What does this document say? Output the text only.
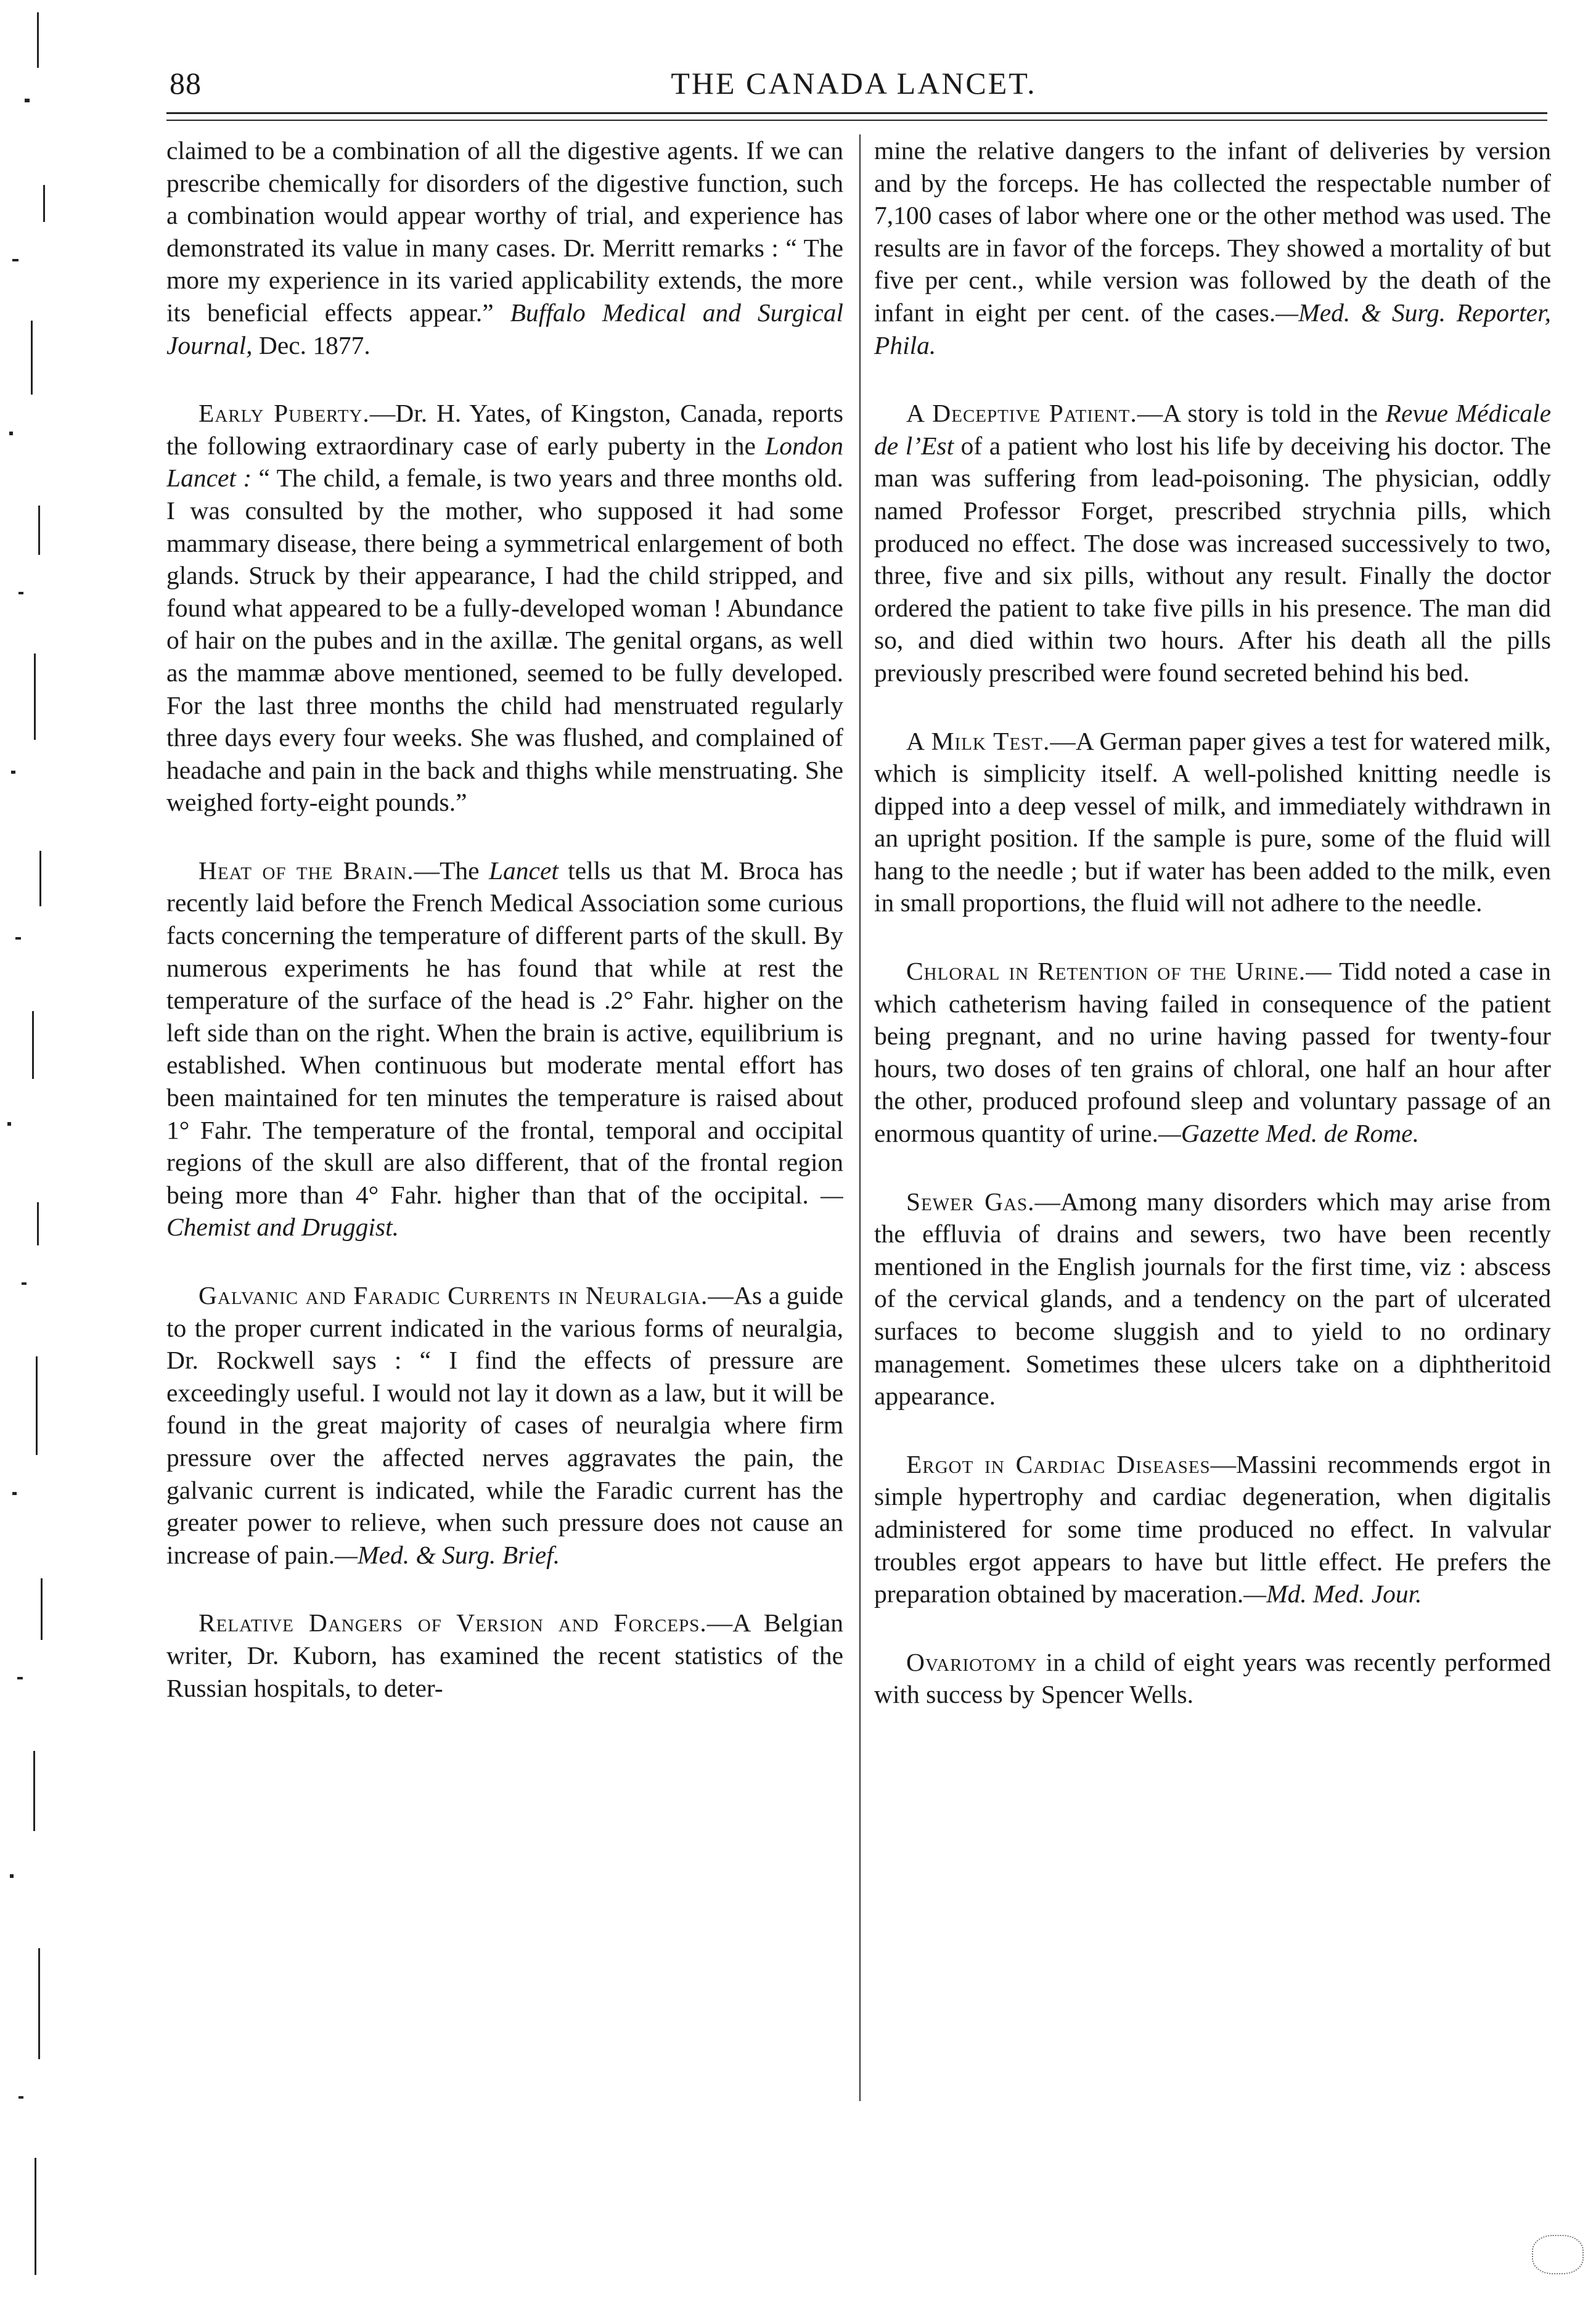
88	THE CANADA LANCET.

claimed to be a combination of all the digestive agents. If we can prescribe chemically for disorders of the digestive function, such a combination would appear worthy of trial, and experience has demonstrated its value in many cases. Dr. Merritt remarks : “ The more my experience in its varied applicability extends, the more its beneficial effects appear.” Buffalo Medical and Surgical Journal, Dec. 1877.

Early Puberty.—Dr. H. Yates, of Kingston, Canada, reports the following extraordinary case of early puberty in the London Lancet : “ The child, a female, is two years and three months old. I was consulted by the mother, who supposed it had some mammary disease, there being a symmetrical enlargement of both glands. Struck by their appearance, I had the child stripped, and found what appeared to be a fully-developed woman ! Abundance of hair on the pubes and in the axillæ. The genital organs, as well as the mammæ above mentioned, seemed to be fully developed. For the last three months the child had menstruated regularly three days every four weeks. She was flushed, and complained of headache and pain in the back and thighs while menstruating. She weighed forty-eight pounds.”

Heat of the Brain.—The Lancet tells us that M. Broca has recently laid before the French Medical Association some curious facts concerning the temperature of different parts of the skull. By numerous experiments he has found that while at rest the temperature of the surface of the head is .2° Fahr. higher on the left side than on the right. When the brain is active, equilibrium is established. When continuous but moderate mental effort has been maintained for ten minutes the temperature is raised about 1° Fahr. The temperature of the frontal, temporal and occipital regions of the skull are also different, that of the frontal region being more than 4° Fahr. higher than that of the occipital. —Chemist and Druggist.

Galvanic and Faradic Currents in Neuralgia.—As a guide to the proper current indicated in the various forms of neuralgia, Dr. Rockwell says : “ I find the effects of pressure are exceedingly useful. I would not lay it down as a law, but it will be found in the great majority of cases of neuralgia where firm pressure over the affected nerves aggravates the pain, the galvanic current is indicated, while the Faradic current has the greater power to relieve, when such pressure does not cause an increase of pain.—Med. & Surg. Brief.

Relative Dangers of Version and Forceps.—A Belgian writer, Dr. Kuborn, has examined the recent statistics of the Russian hospitals, to deter-

mine the relative dangers to the infant of deliveries by version and by the forceps. He has collected the respectable number of 7,100 cases of labor where one or the other method was used. The results are in favor of the forceps. They showed a mortality of but five per cent., while version was followed by the death of the infant in eight per cent. of the cases.—Med. & Surg. Reporter, Phila.

A Deceptive Patient.—A story is told in the Revue Médicale de l’Est of a patient who lost his life by deceiving his doctor. The man was suffering from lead-poisoning. The physician, oddly named Professor Forget, prescribed strychnia pills, which produced no effect. The dose was increased successively to two, three, five and six pills, without any result. Finally the doctor ordered the patient to take five pills in his presence. The man did so, and died within two hours. After his death all the pills previously prescribed were found secreted behind his bed.

A Milk Test.—A German paper gives a test for watered milk, which is simplicity itself. A well-polished knitting needle is dipped into a deep vessel of milk, and immediately withdrawn in an upright position. If the sample is pure, some of the fluid will hang to the needle ; but if water has been added to the milk, even in small proportions, the fluid will not adhere to the needle.

Chloral in Retention of the Urine.— Tidd noted a case in which catheterism having failed in consequence of the patient being pregnant, and no urine having passed for twenty-four hours, two doses of ten grains of chloral, one half an hour after the other, produced profound sleep and voluntary passage of an enormous quantity of urine.—Gazette Med. de Rome.

Sewer Gas.—Among many disorders which may arise from the effluvia of drains and sewers, two have been recently mentioned in the English journals for the first time, viz : abscess of the cervical glands, and a tendency on the part of ulcerated surfaces to become sluggish and to yield to no ordinary management. Sometimes these ulcers take on a diphtheritoid appearance.

Ergot in Cardiac Diseases—Massini recommends ergot in simple hypertrophy and cardiac degeneration, when digitalis administered for some time produced no effect. In valvular troubles ergot appears to have but little effect. He prefers the preparation obtained by maceration.—Md. Med. Jour.

Ovariotomy in a child of eight years was recently performed with success by Spencer Wells.
